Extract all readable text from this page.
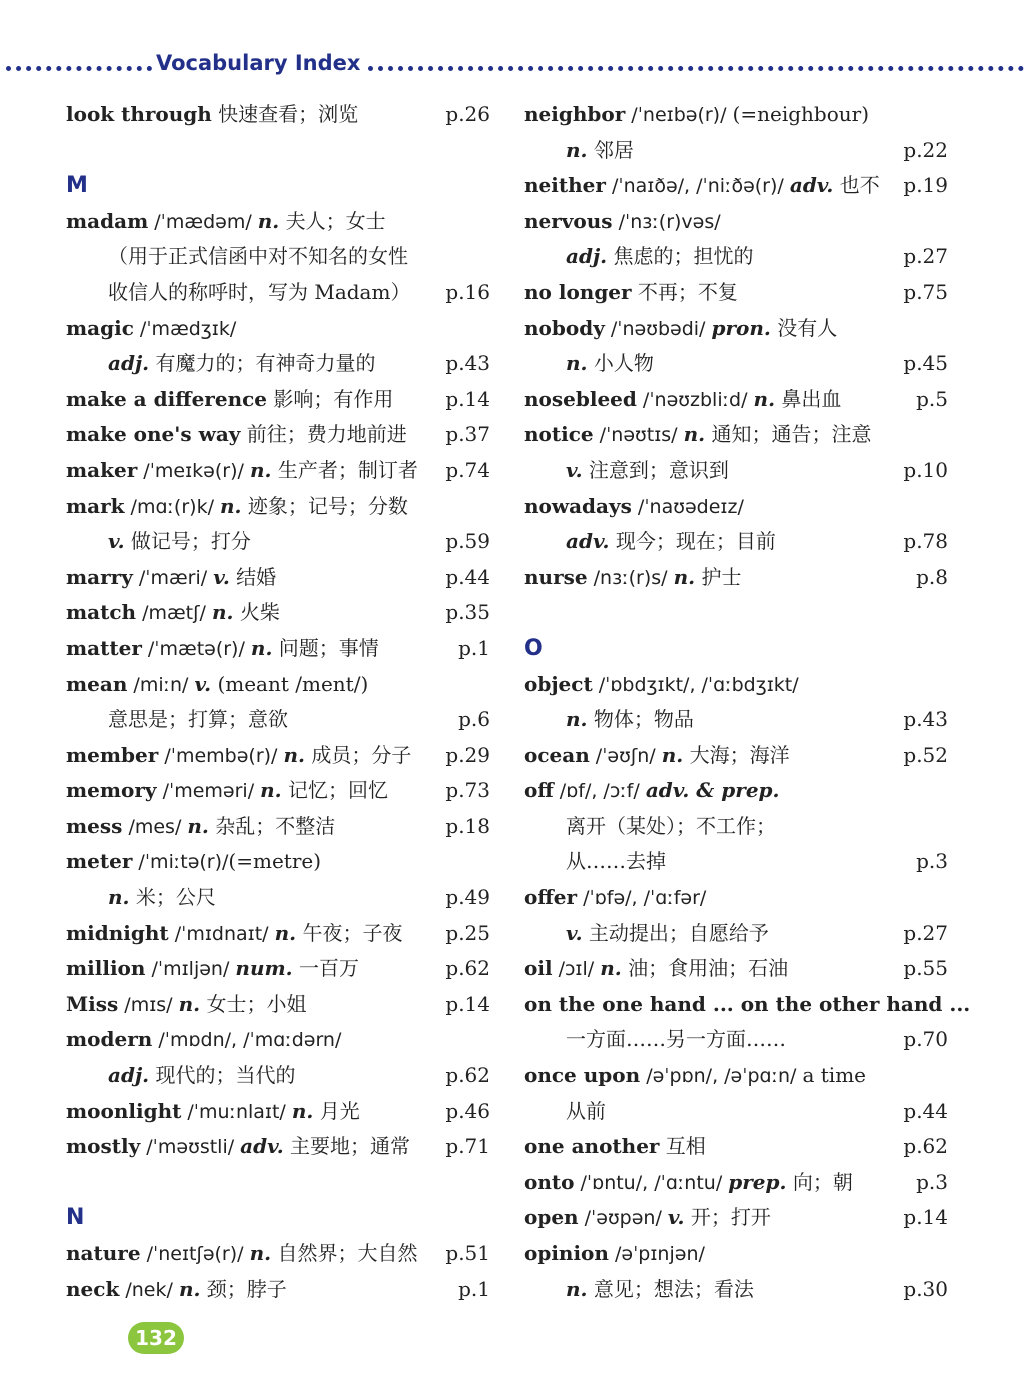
Vocabulary Index
look through 快速查看；浏览	p.26
M
madam /ˈmædəm/ n. 夫人；女士
（用于正式信函中对不知名的女性
收信人的称呼时，写为 Madam） p.16
magic /ˈmædʒɪk/
adj. 有魔力的；有神奇力量的	p.43
make a difference 影响；有作用	p.14
make one's way 前往；费力地前进 p.37
maker /ˈmeɪkə(r)/ n. 生产者；制订者 p.74
mark /mɑː(r)k/ n. 迹象；记号；分数
v. 做记号；打分	p.59
marry /ˈmæri/ v. 结婚	p.44
match /mætʃ/ n. 火柴	p.35
matter /ˈmætə(r)/ n. 问题；事情	p.1
mean /miːn/ v. (meant /ment/)
意思是；打算；意欲	p.6
member /ˈmembə(r)/ n. 成员；分子 p.29
memory /ˈmeməri/ n. 记忆；回忆	p.73
mess /mes/ n. 杂乱；不整洁	p.18
meter /ˈmiːtə(r)/(=metre)
n. 米；公尺	p.49
midnight /ˈmɪdnaɪt/ n. 午夜；子夜 p.25
million /ˈmɪljən/ num. 一百万	p.62
Miss /mɪs/ n. 女士；小姐	p.14
modern /ˈmɒdn/, /ˈmɑːdərn/
adj. 现代的；当代的	p.62
moonlight /ˈmuːnlaɪt/ n. 月光	p.46
mostly /ˈməʊstli/ adv. 主要地；通常 p.71
N
nature /ˈneɪtʃə(r)/ n. 自然界；大自然 p.51
neck /nek/ n. 颈；脖子	p.1
neighbor /ˈneɪbə(r)/ (=neighbour)
n. 邻居	p.22
neither /ˈnaɪðə/, /ˈniːðə(r)/ adv. 也不 p.19
nervous /ˈnɜː(r)vəs/
adj. 焦虑的；担忧的	p.27
no longer 不再；不复	p.75
nobody /ˈnəʊbədi/ pron. 没有人
n. 小人物	p.45
nosebleed /ˈnəʊzbliːd/ n. 鼻出血	p.5
notice /ˈnəʊtɪs/ n. 通知；通告；注意
v. 注意到；意识到	p.10
nowadays /ˈnaʊədeɪz/
adv. 现今；现在；目前	p.78
nurse /nɜː(r)s/ n. 护士	p.8
O
object /ˈɒbdʒɪkt/, /ˈɑːbdʒɪkt/
n. 物体；物品	p.43
ocean /ˈəʊʃn/ n. 大海；海洋	p.52
off /ɒf/, /ɔːf/ adv. & prep.
离开（某处）；不工作；
从……去掉	p.3
offer /ˈɒfə/, /ˈɑːfər/
v. 主动提出；自愿给予	p.27
oil /ɔɪl/ n. 油；食用油；石油	p.55
on the one hand ... on the other hand ...
一方面……另一方面……	p.70
once upon /əˈpɒn/, /əˈpɑːn/ a time
从前	p.44
one another 互相	p.62
onto /ˈɒntu/, /ˈɑːntu/ prep. 向；朝	p.3
open /ˈəʊpən/ v. 开；打开	p.14
opinion /əˈpɪnjən/
n. 意见；想法；看法	p.30
132
